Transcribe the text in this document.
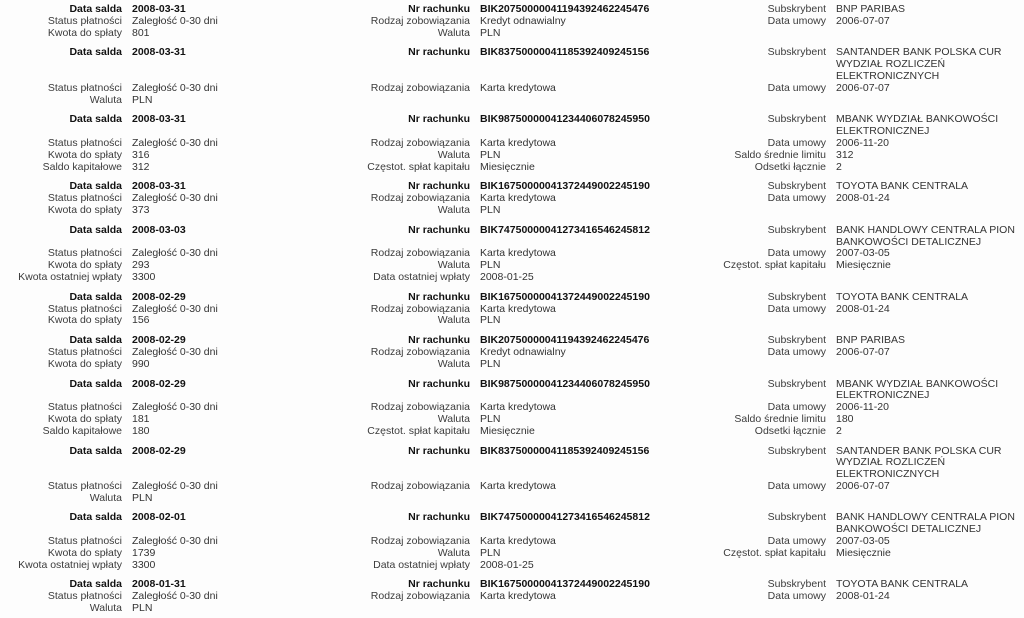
Data salda 2008-03-31	Nr rachunku BIK20750000041194392462245476	Subskrybent BNP PARIBAS
Status płatności Zaległość 0-30 dni	Rodzaj zobowiązania Kredyt odnawialny	Data umowy 2006-07-07
Kwota do spłaty 801	Waluta PLN
Data salda 2008-03-31	Nr rachunku BIK83750000041185392409245156	Subskrybent SANTANDER BANK POLSKA CUR WYDZIAŁ ROZLICZEŃ ELEKTRONICZNYCH
Status płatności Zaległość 0-30 dni	Rodzaj zobowiązania Karta kredytowa	Data umowy 2006-07-07
Waluta PLN
Data salda 2008-03-31	Nr rachunku BIK98750000041234406078245950	Subskrybent MBANK WYDZIAŁ BANKOWOŚCI ELEKTRONICZNEJ
Status płatności Zaległość 0-30 dni	Rodzaj zobowiązania Karta kredytowa	Data umowy 2006-11-20
Kwota do spłaty 316	Waluta PLN	Saldo średnie limitu 312
Saldo kapitałowe 312	Częstot. spłat kapitału Miesięcznie	Odsetki łącznie 2
Data salda 2008-03-31	Nr rachunku BIK16750000041372449002245190	Subskrybent TOYOTA BANK CENTRALA
Status płatności Zaległość 0-30 dni	Rodzaj zobowiązania Karta kredytowa	Data umowy 2008-01-24
Kwota do spłaty 373	Waluta PLN
Data salda 2008-03-03	Nr rachunku BIK74750000041273416546245812	Subskrybent BANK HANDLOWY CENTRALA PION BANKOWOŚCI DETALICZNEJ
Status płatności Zaległość 0-30 dni	Rodzaj zobowiązania Karta kredytowa	Data umowy 2007-03-05
Kwota do spłaty 293	Waluta PLN	Częstot. spłat kapitału Miesięcznie
Kwota ostatniej wpłaty 3300	Data ostatniej wpłaty 2008-01-25
Data salda 2008-02-29	Nr rachunku BIK16750000041372449002245190	Subskrybent TOYOTA BANK CENTRALA
Status płatności Zaległość 0-30 dni	Rodzaj zobowiązania Karta kredytowa	Data umowy 2008-01-24
Kwota do spłaty 156	Waluta PLN
Data salda 2008-02-29	Nr rachunku BIK20750000041194392462245476	Subskrybent BNP PARIBAS
Status płatności Zaległość 0-30 dni	Rodzaj zobowiązania Kredyt odnawialny	Data umowy 2006-07-07
Kwota do spłaty 990	Waluta PLN
Data salda 2008-02-29	Nr rachunku BIK98750000041234406078245950	Subskrybent MBANK WYDZIAŁ BANKOWOŚCI ELEKTRONICZNEJ
Status płatności Zaległość 0-30 dni	Rodzaj zobowiązania Karta kredytowa	Data umowy 2006-11-20
Kwota do spłaty 181	Waluta PLN	Saldo średnie limitu 180
Saldo kapitałowe 180	Częstot. spłat kapitału Miesięcznie	Odsetki łącznie 2
Data salda 2008-02-29	Nr rachunku BIK83750000041185392409245156	Subskrybent SANTANDER BANK POLSKA CUR WYDZIAŁ ROZLICZEŃ ELEKTRONICZNYCH
Status płatności Zaległość 0-30 dni	Rodzaj zobowiązania Karta kredytowa	Data umowy 2006-07-07
Waluta PLN
Data salda 2008-02-01	Nr rachunku BIK74750000041273416546245812	Subskrybent BANK HANDLOWY CENTRALA PION BANKOWOŚCI DETALICZNEJ
Status płatności Zaległość 0-30 dni	Rodzaj zobowiązania Karta kredytowa	Data umowy 2007-03-05
Kwota do spłaty 1739	Waluta PLN	Częstot. spłat kapitału Miesięcznie
Kwota ostatniej wpłaty 3300	Data ostatniej wpłaty 2008-01-25
Data salda 2008-01-31	Nr rachunku BIK16750000041372449002245190	Subskrybent TOYOTA BANK CENTRALA
Status płatności Zaległość 0-30 dni	Rodzaj zobowiązania Karta kredytowa	Data umowy 2008-01-24
Waluta PLN
